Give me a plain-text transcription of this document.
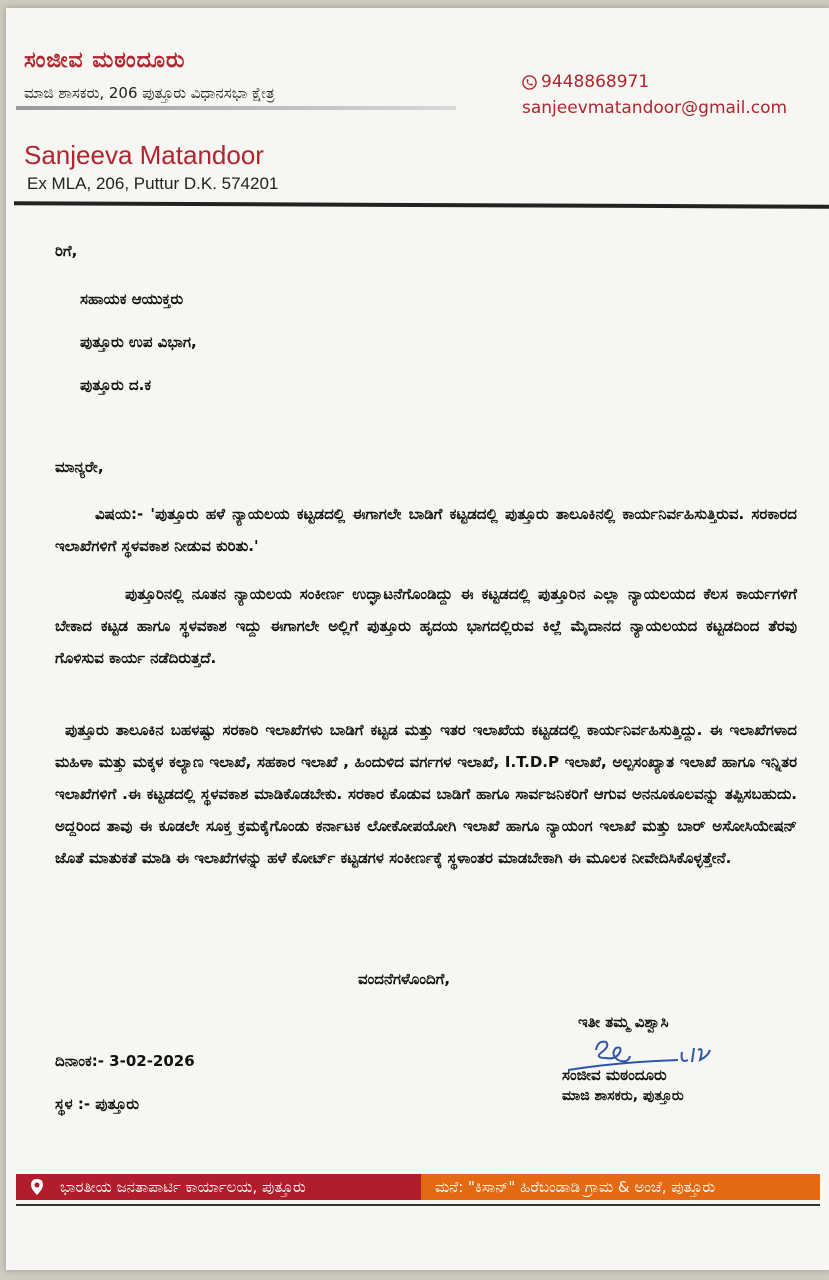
ಸಂಜೀವ ಮಠಂದೂರು
ಮಾಜಿ ಶಾಸಕರು, 206 ಪುತ್ತೂರು ವಿಧಾನಸಭಾ ಕ್ಷೇತ್ರ
9448868971
sanjeevmatandoor@gmail.com
Sanjeeva Matandoor
Ex MLA, 206, Puttur D.K. 574201
ರಿಗೆ,
ಸಹಾಯಕ ಆಯುಕ್ತರು
ಪುತ್ತೂರು ಉಪ ವಿಭಾಗ,
ಪುತ್ತೂರು ದ.ಕ
ಮಾನ್ಯರೇ,

ವಿಷಯ:- 'ಪುತ್ತೂರು ಹಳೆ ನ್ಯಾಯಲಯ ಕಟ್ಟಡದಲ್ಲಿ ಈಗಾಗಲೇ ಬಾಡಿಗೆ ಕಟ್ಟಡದಲ್ಲಿ ಪುತ್ತೂರು ತಾಲೂಕಿನಲ್ಲಿ ಕಾರ್ಯನಿರ್ವಹಿಸುತ್ತಿರುವ. ಸರಕಾರದ ಇಲಾಖೆಗಳಿಗೆ ಸ್ಥಳವಕಾಶ ನೀಡುವ ಕುರಿತು.'

ಪುತ್ತೂರಿನಲ್ಲಿ ನೂತನ ನ್ಯಾಯಲಯ ಸಂಕೀರ್ಣ ಉದ್ಘಾಟನೆಗೊಂಡಿದ್ದು ಈ ಕಟ್ಟಡದಲ್ಲಿ ಪುತ್ತೂರಿನ ಎಲ್ಲಾ ನ್ಯಾಯಲಯದ ಕೆಲಸ ಕಾರ್ಯಗಳಿಗೆ ಬೇಕಾದ ಕಟ್ಟಡ ಹಾಗೂ ಸ್ಥಳವಕಾಶ ಇದ್ದು ಈಗಾಗಲೇ ಅಲ್ಲಿಗೆ ಪುತ್ತೂರು ಹೃದಯ ಭಾಗದಲ್ಲಿರುವ ಕಿಲ್ಲೆ ಮೈದಾನದ ನ್ಯಾಯಲಯದ ಕಟ್ಟಡದಿಂದ ತೆರವು ಗೊಳಿಸುವ ಕಾರ್ಯ ನಡೆದಿರುತ್ತದೆ.

ಪುತ್ತೂರು ತಾಲೂಕಿನ ಬಹಳಷ್ಟು ಸರಕಾರಿ ಇಲಾಖೆಗಳು ಬಾಡಿಗೆ ಕಟ್ಟಡ ಮತ್ತು ಇತರ ಇಲಾಖೆಯ ಕಟ್ಟಡದಲ್ಲಿ ಕಾರ್ಯನಿರ್ವಹಿಸುತ್ತಿದ್ದು. ಈ ಇಲಾಖೆಗಳಾದ ಮಹಿಳಾ ಮತ್ತು ಮಕ್ಕಳ ಕಲ್ಯಾಣ ಇಲಾಖೆ, ಸಹಕಾರ ಇಲಾಖೆ , ಹಿಂದುಳಿದ ವರ್ಗಗಳ ಇಲಾಖೆ, I.T.D.P ಇಲಾಖೆ, ಅಲ್ಪಸಂಖ್ಯಾತ ಇಲಾಖೆ ಹಾಗೂ ಇನ್ನಿತರ ಇಲಾಖೆಗಳಿಗೆ .ಈ ಕಟ್ಟಡದಲ್ಲಿ ಸ್ಥಳವಕಾಶ ಮಾಡಿಕೊಡಬೇಕು. ಸರಕಾರ ಕೊಡುವ ಬಾಡಿಗೆ ಹಾಗೂ ಸಾರ್ವಜನಿಕರಿಗೆ ಆಗುವ ಅನನೂಕೂಲವನ್ನು ತಪ್ಪಿಸಬಹುದು. ಅದ್ದರಿಂದ ತಾವು ಈ ಕೂಡಲೇ ಸೂಕ್ತ ಕ್ರಮಕೈಗೊಂಡು ಕರ್ನಾಟಕ ಲೋಕೋಪಯೋಗಿ ಇಲಾಖೆ ಹಾಗೂ ನ್ಯಾಯಂಗ ಇಲಾಖೆ ಮತ್ತು ಬಾರ್ ಅಸೋಸಿಯೇಷನ್ ಜೊತೆ ಮಾತುಕತೆ ಮಾಡಿ ಈ ಇಲಾಖೆಗಳನ್ನು ಹಳೆ ಕೋರ್ಟ್ ಕಟ್ಟಡಗಳ ಸಂಕೀರ್ಣಕ್ಕೆ ಸ್ಥಳಾಂತರ ಮಾಡಬೇಕಾಗಿ ಈ ಮೂಲಕ ನೀವೇದಿಸಿಕೊಳ್ಳತ್ತೇನೆ.

ವಂದನೆಗಳೊಂದಿಗೆ,
ಇತೀ ತಮ್ಮ ವಿಶ್ವಾಸಿ
ಸಂಜೀವ ಮಠಂದೂರು
ಮಾಜಿ ಶಾಸಕರು, ಪುತ್ತೂರು
ದಿನಾಂಕ:- 3-02-2026
ಸ್ಥಳ :- ಪುತ್ತೂರು
ಭಾರತೀಯ ಜನತಾಪಾರ್ಟಿ ಕಾರ್ಯಾಲಯ, ಪುತ್ತೂರು	ಮನೆ: "ಕಿಸಾನ್" ಹಿರೆಬಂಡಾಡಿ ಗ್ರಾಮ & ಅಂಚೆ, ಪುತ್ತೂರು
